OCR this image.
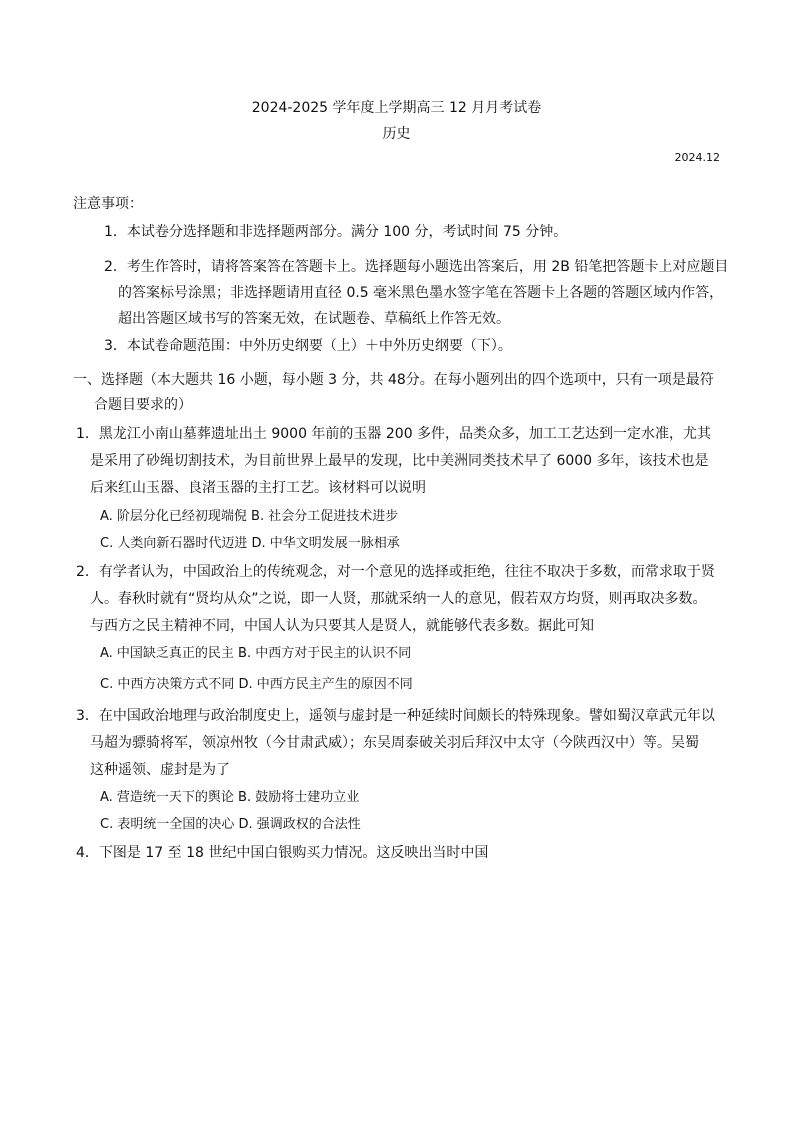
2024-2025 学年度上学期高三 12 月月考试卷
历史
2024.12
注意事项：
1．本试卷分选择题和非选择题两部分。满分 100 分，考试时间 75 分钟。
2．考生作答时，请将答案答在答题卡上。选择题每小题选出答案后，用 2B 铅笔把答题卡上对应题目
的答案标号涂黑；非选择题请用直径 0.5 毫米黑色墨水签字笔在答题卡上各题的答题区域内作答，
超出答题区域书写的答案无效，在试题卷、草稿纸上作答无效。
3．本试卷命题范围：中外历史纲要（上）＋中外历史纲要（下）。
一、选择题（本大题共 16 小题，每小题 3 分，共 48分。在每小题列出的四个选项中，只有一项是最符
合题目要求的）
1．黑龙江小南山墓葬遗址出土 9000 年前的玉器 200 多件，品类众多，加工工艺达到一定水准，尤其
是采用了砂绳切割技术，为目前世界上最早的发现，比中美洲同类技术早了 6000 多年，该技术也是
后来红山玉器、良渚玉器的主打工艺。该材料可以说明
A. 阶层分化已经初现端倪 B. 社会分工促进技术进步
C. 人类向新石器时代迈进 D. 中华文明发展一脉相承
2．有学者认为，中国政治上的传统观念，对一个意见的选择或拒绝，往往不取决于多数，而常求取于贤
人。春秋时就有“贤均从众”之说，即一人贤，那就采纳一人的意见，假若双方均贤，则再取决多数。
与西方之民主精神不同，中国人认为只要其人是贤人，就能够代表多数。据此可知
A. 中国缺乏真正的民主 B. 中西方对于民主的认识不同
C. 中西方决策方式不同 D. 中西方民主产生的原因不同
3．在中国政治地理与政治制度史上，遥领与虚封是一种延续时间颇长的特殊现象。譬如蜀汉章武元年以
马超为骠骑将军，领凉州牧（今甘肃武威）；东吴周泰破关羽后拜汉中太守（今陕西汉中）等。吴蜀
这种遥领、虚封是为了
A. 营造统一天下的舆论 B. 鼓励将士建功立业
C. 表明统一全国的决心 D. 强调政权的合法性
4．下图是 17 至 18 世纪中国白银购买力情况。这反映出当时中国
